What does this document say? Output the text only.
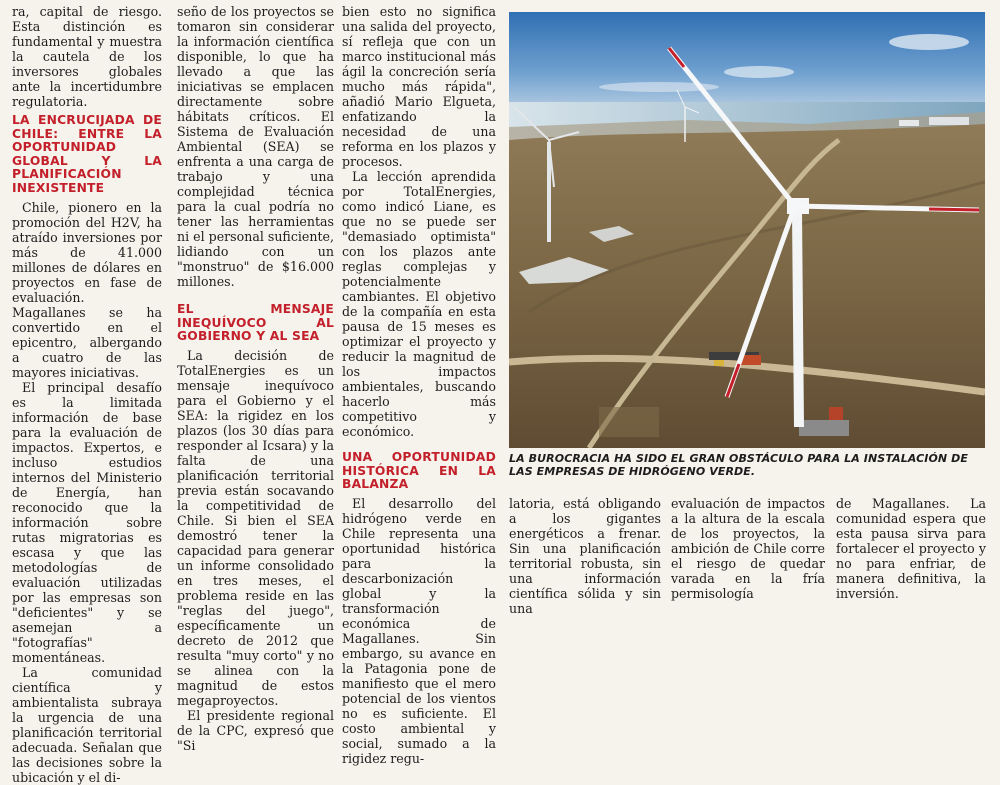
ra, capital de riesgo. Esta distinción es fundamental y muestra la cautela de los inversores globales ante la incertidumbre regulatoria.

LA ENCRUCIJADA DE CHILE: ENTRE LA OPORTUNIDAD GLOBAL Y LA PLANIFICACIÓN INEXISTENTE

Chile, pionero en la promoción del H2V, ha atraído inversiones por más de 41.000 millones de dólares en proyectos en fase de evaluación. Magallanes se ha convertido en el epicentro, albergando a cuatro de las mayores iniciativas.

El principal desafío es la limitada información de base para la evaluación de impactos. Expertos, e incluso estudios internos del Ministerio de Energía, han reconocido que la información sobre rutas migratorias es escasa y que las metodologías de evaluación utilizadas por las empresas son "deficientes" y se asemejan a "fotografías" momentáneas.

La comunidad científica y ambientalista subraya la urgencia de una planificación territorial adecuada. Señalan que las decisiones sobre la ubicación y el di-

seño de los proyectos se tomaron sin considerar la información científica disponible, lo que ha llevado a que las iniciativas se emplacen directamente sobre hábitats críticos. El Sistema de Evaluación Ambiental (SEA) se enfrenta a una carga de trabajo y una complejidad técnica para la cual podría no tener las herramientas ni el personal suficiente, lidiando con un "monstruo" de $16.000 millones.

EL MENSAJE INEQUÍVOCO AL GOBIERNO Y AL SEA

La decisión de TotalEnergies es un mensaje inequívoco para el Gobierno y el SEA: la rigidez en los plazos (los 30 días para responder al Icsara) y la falta de una planificación territorial previa están socavando la competitividad de Chile. Si bien el SEA demostró tener la capacidad para generar un informe consolidado en tres meses, el problema reside en las "reglas del juego", específicamente un decreto de 2012 que resulta "muy corto" y no se alinea con la magnitud de estos megaproyectos.

El presidente regional de la CPC, expresó que "Si

bien esto no significa una salida del proyecto, sí refleja que con un marco institucional más ágil la concreción sería mucho más rápida", añadió Mario Elgueta, enfatizando la necesidad de una reforma en los plazos y procesos.

La lección aprendida por TotalEnergies, como indicó Liane, es que no se puede ser "demasiado optimista" con los plazos ante reglas complejas y potencialmente cambiantes. El objetivo de la compañía en esta pausa de 15 meses es optimizar el proyecto y reducir la magnitud de los impactos ambientales, buscando hacerlo más competitivo y económico.

UNA OPORTUNIDAD HISTÓRICA EN LA BALANZA

El desarrollo del hidrógeno verde en Chile representa una oportunidad histórica para la descarbonización global y la transformación económica de Magallanes. Sin embargo, su avance en la Patagonia pone de manifiesto que el mero potencial de los vientos no es suficiente. El costo ambiental y social, sumado a la rigidez regu-

LA BUROCRACIA HA SIDO EL GRAN OBSTÁCULO PARA LA INSTALACIÓN DE LAS EMPRESAS DE HIDRÓGENO VERDE.

latoria, está obligando a los gigantes energéticos a frenar. Sin una planificación territorial robusta, sin una información científica sólida y sin una

evaluación de impactos a la altura de la escala de los proyectos, la ambición de Chile corre el riesgo de quedar varada en la fría permisología

de Magallanes. La comunidad espera que esta pausa sirva para fortalecer el proyecto y no para enfriar, de manera definitiva, la inversión.
